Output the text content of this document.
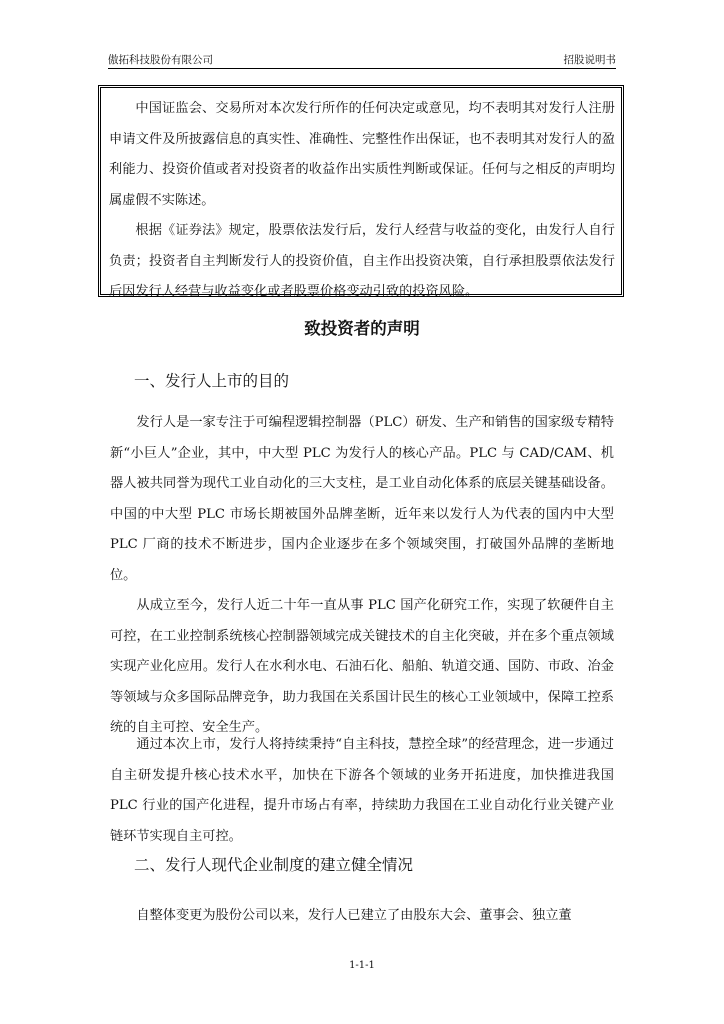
傲拓科技股份有限公司	招股说明书

中国证监会、交易所对本次发行所作的任何决定或意见，均不表明其对发行人注册申请文件及所披露信息的真实性、准确性、完整性作出保证，也不表明其对发行人的盈利能力、投资价值或者对投资者的收益作出实质性判断或保证。任何与之相反的声明均属虚假不实陈述。

根据《证券法》规定，股票依法发行后，发行人经营与收益的变化，由发行人自行负责；投资者自主判断发行人的投资价值，自主作出投资决策，自行承担股票依法发行后因发行人经营与收益变化或者股票价格变动引致的投资风险。

致投资者的声明
一、发行人上市的目的

发行人是一家专注于可编程逻辑控制器（PLC）研发、生产和销售的国家级专精特新“小巨人”企业，其中，中大型 PLC 为发行人的核心产品。PLC 与 CAD/CAM、机器人被共同誉为现代工业自动化的三大支柱，是工业自动化体系的底层关键基础设备。中国的中大型 PLC 市场长期被国外品牌垄断，近年来以发行人为代表的国内中大型 PLC 厂商的技术不断进步，国内企业逐步在多个领域突围，打破国外品牌的垄断地位。

从成立至今，发行人近二十年一直从事 PLC 国产化研究工作，实现了软硬件自主可控，在工业控制系统核心控制器领域完成关键技术的自主化突破，并在多个重点领域实现产业化应用。发行人在水利水电、石油石化、船舶、轨道交通、国防、市政、冶金等领域与众多国际品牌竞争，助力我国在关系国计民生的核心工业领域中，保障工控系统的自主可控、安全生产。

通过本次上市，发行人将持续秉持“自主科技，慧控全球”的经营理念，进一步通过自主研发提升核心技术水平，加快在下游各个领域的业务开拓进度，加快推进我国 PLC 行业的国产化进程，提升市场占有率，持续助力我国在工业自动化行业关键产业链环节实现自主可控。

二、发行人现代企业制度的建立健全情况

自整体变更为股份公司以来，发行人已建立了由股东大会、董事会、独立董

1-1-1
